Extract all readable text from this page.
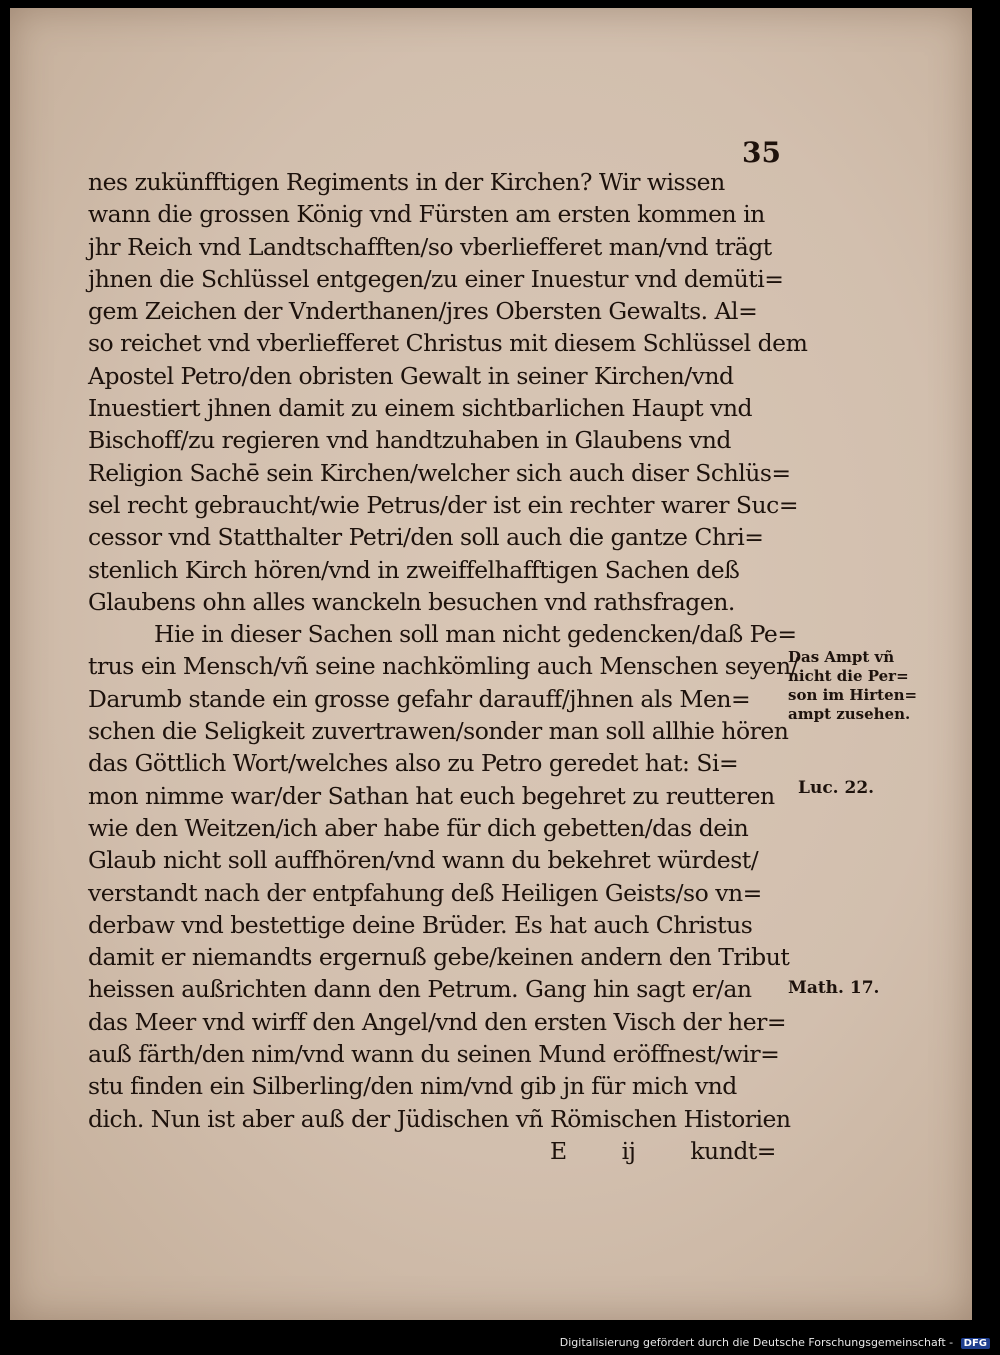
35
nes zukünfftigen Regiments in der Kirchen? Wir wissen
wann die grossen König vnd Fürsten am ersten kommen in
jhr Reich vnd Landtschafften/so vberliefferet man/vnd trägt
jhnen die Schlüssel entgegen/zu einer Inuestur vnd demüti=
gem Zeichen der Vnderthanen/jres Obersten Gewalts. Al=
so reichet vnd vberliefferet Christus mit diesem Schlüssel dem
Apostel Petro/den obristen Gewalt in seiner Kirchen/vnd
Inuestiert jhnen damit zu einem sichtbarlichen Haupt vnd
Bischoff/zu regieren vnd handtzuhaben in Glaubens vnd
Religion Sachē sein Kirchen/welcher sich auch diser Schlüs=
sel recht gebraucht/wie Petrus/der ist ein rechter warer Suc=
cessor vnd Statthalter Petri/den soll auch die gantze Chri=
stenlich Kirch hören/vnd in zweiffelhafftigen Sachen deß
Glaubens ohn alles wanckeln besuchen vnd rathsfragen.
Hie in dieser Sachen soll man nicht gedencken/daß Pe=
trus ein Mensch/vñ seine nachkömling auch Menschen seyen/
Darumb stande ein grosse gefahr darauff/jhnen als Men=
schen die Seligkeit zuvertrawen/sonder man soll allhie hören
das Göttlich Wort/welches also zu Petro geredet hat: Si=
mon nimme war/der Sathan hat euch begehret zu reutteren
wie den Weitzen/ich aber habe für dich gebetten/das dein
Glaub nicht soll auffhören/vnd wann du bekehret würdest/
verstandt nach der entpfahung deß Heiligen Geists/so vn=
derbaw vnd bestettige deine Brüder. Es hat auch Christus
damit er niemandts ergernuß gebe/keinen andern den Tribut
heissen außrichten dann den Petrum. Gang hin sagt er/an
das Meer vnd wirff den Angel/vnd den ersten Visch der her=
auß färth/den nim/vnd wann du seinen Mund eröffnest/wir=
stu finden ein Silberling/den nim/vnd gib jn für mich vnd
dich. Nun ist aber auß der Jüdischen vñ Römischen Historien
E ij kundt=
Das Ampt vñ
nicht die Per=
son im Hirten=
ampt zusehen.
Luc. 22.
Math. 17.
Digitalisierung gefördert durch die Deutsche Forschungsgemeinschaft - DFG
